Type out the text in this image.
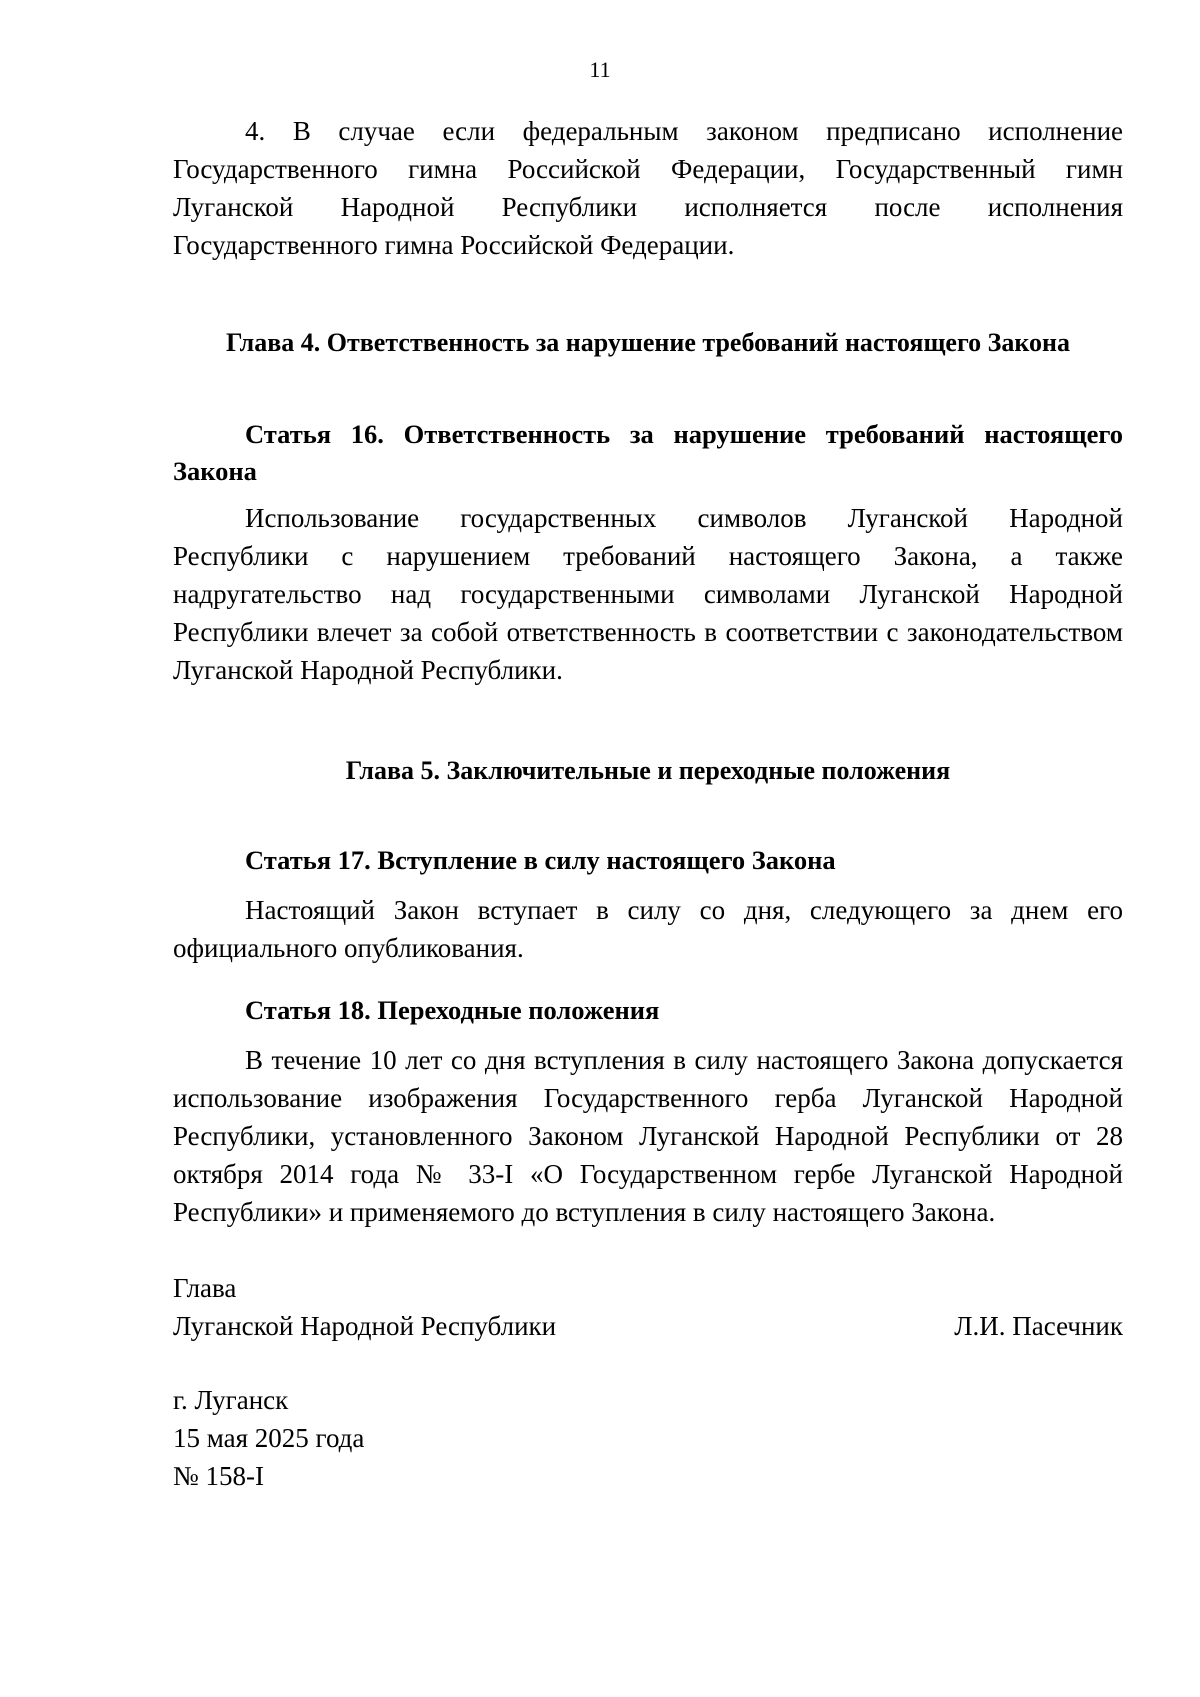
11

4. В случае если федеральным законом предписано исполнение Государственного гимна Российской Федерации, Государственный гимн Луганской Народной Республики исполняется после исполнения Государственного гимна Российской Федерации.

Глава 4. Ответственность за нарушение требований настоящего Закона

Статья 16. Ответственность за нарушение требований настоящего Закона

Использование государственных символов Луганской Народной Республики с нарушением требований настоящего Закона, а также надругательство над государственными символами Луганской Народной Республики влечет за собой ответственность в соответствии с законодательством Луганской Народной Республики.

Глава 5. Заключительные и переходные положения

Статья 17. Вступление в силу настоящего Закона

Настоящий Закон вступает в силу со дня, следующего за днем его официального опубликования.

Статья 18. Переходные положения

В течение 10 лет со дня вступления в силу настоящего Закона допускается использование изображения Государственного герба Луганской Народной Республики, установленного Законом Луганской Народной Республики от 28 октября 2014 года № 33-I «О Государственном гербе Луганской Народной Республики» и применяемого до вступления в силу настоящего Закона.

Глава

Луганской Народной Республики	Л.И. Пасечник

г. Луганск

15 мая 2025 года

№ 158-I
